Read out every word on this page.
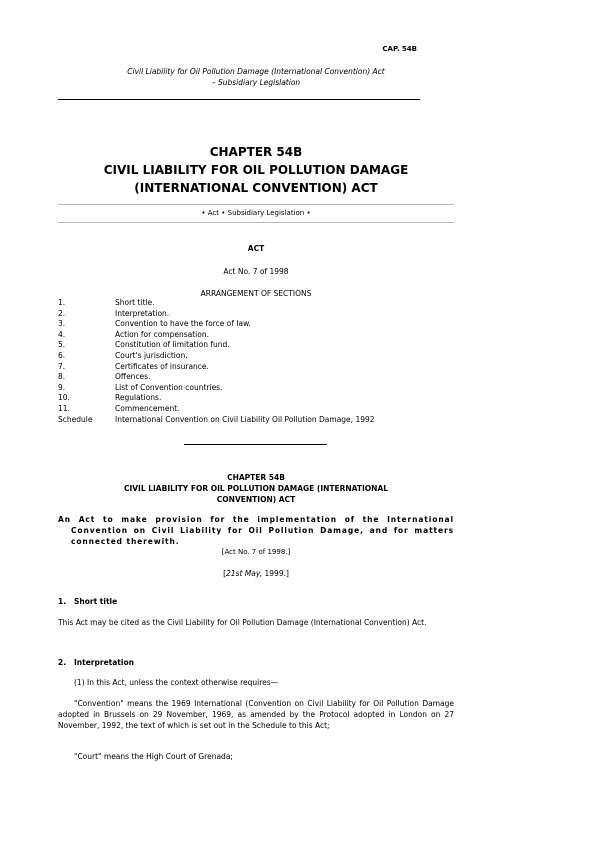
CAP. 54B
Civil Liability for Oil Pollution Damage (International Convention) Act
– Subsidiary Legislation
CHAPTER 54B
CIVIL LIABILITY FOR OIL POLLUTION DAMAGE
(INTERNATIONAL CONVENTION) ACT
• Act • Subsidiary Legislation •
ACT
Act No. 7 of 1998
ARRANGEMENT OF SECTIONS
1.	Short title.
2.	Interpretation.
3.	Convention to have the force of law.
4.	Action for compensation.
5.	Constitution of limitation fund.
6.	Court's jurisdiction.
7.	Certificates of insurance.
8.	Offences.
9.	List of Convention countries.
10.	Regulations.
11.	Commencement.
Schedule	International Convention on Civil Liability Oil Pollution Damage, 1992
CHAPTER 54B
CIVIL LIABILITY FOR OIL POLLUTION DAMAGE (INTERNATIONAL
CONVENTION) ACT
An Act to make provision for the implementation of the International Convention on Civil Liability for Oil Pollution Damage, and for matters connected therewith.
[Act No. 7 of 1998.]
[21st May, 1999.]
1. Short title
This Act may be cited as the Civil Liability for Oil Pollution Damage (International Convention) Act.
2. Interpretation
(1) In this Act, unless the context otherwise requires—
"Convention" means the 1969 International (Convention on Civil Liability for Oil Pollution Damage adopted in Brussels on 29 November, 1969, as amended by the Protocol adopted in London on 27 November, 1992, the text of which is set out in the Schedule to this Act;
"Court" means the High Court of Grenada;
